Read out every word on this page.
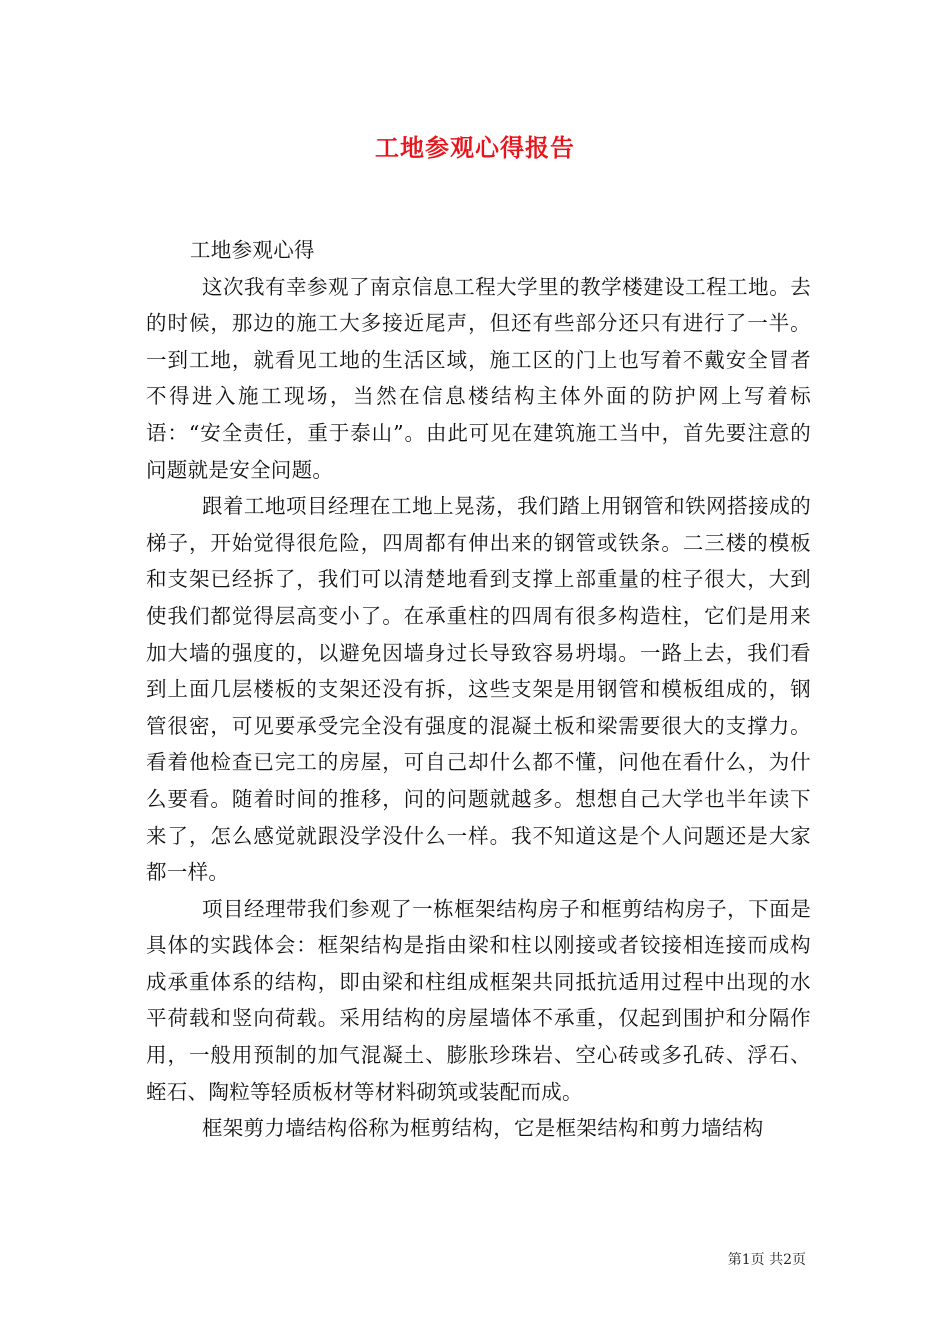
工地参观心得报告

工地参观心得

这次我有幸参观了南京信息工程大学里的教学楼建设工程工地。去的时候，那边的施工大多接近尾声，但还有些部分还只有进行了一半。一到工地，就看见工地的生活区域，施工区的门上也写着不戴安全冒者不得进入施工现场，当然在信息楼结构主体外面的防护网上写着标语：“安全责任，重于泰山”。由此可见在建筑施工当中，首先要注意的问题就是安全问题。

跟着工地项目经理在工地上晃荡，我们踏上用钢管和铁网搭接成的梯子，开始觉得很危险，四周都有伸出来的钢管或铁条。二三楼的模板和支架已经拆了，我们可以清楚地看到支撑上部重量的柱子很大，大到使我们都觉得层高变小了。在承重柱的四周有很多构造柱，它们是用来加大墙的强度的，以避免因墙身过长导致容易坍塌。一路上去，我们看到上面几层楼板的支架还没有拆，这些支架是用钢管和模板组成的，钢管很密，可见要承受完全没有强度的混凝土板和梁需要很大的支撑力。看着他检查已完工的房屋，可自己却什么都不懂，问他在看什么，为什么要看。随着时间的推移，问的问题就越多。想想自己大学也半年读下来了，怎么感觉就跟没学没什么一样。我不知道这是个人问题还是大家都一样。

项目经理带我们参观了一栋框架结构房子和框剪结构房子，下面是具体的实践体会：框架结构是指由梁和柱以刚接或者铰接相连接而成构成承重体系的结构，即由梁和柱组成框架共同抵抗适用过程中出现的水平荷载和竖向荷载。采用结构的房屋墙体不承重，仅起到围护和分隔作用，一般用预制的加气混凝土、膨胀珍珠岩、空心砖或多孔砖、浮石、蛭石、陶粒等轻质板材等材料砌筑或装配而成。

框架剪力墙结构俗称为框剪结构，它是框架结构和剪力墙结构

第1页 共2页
